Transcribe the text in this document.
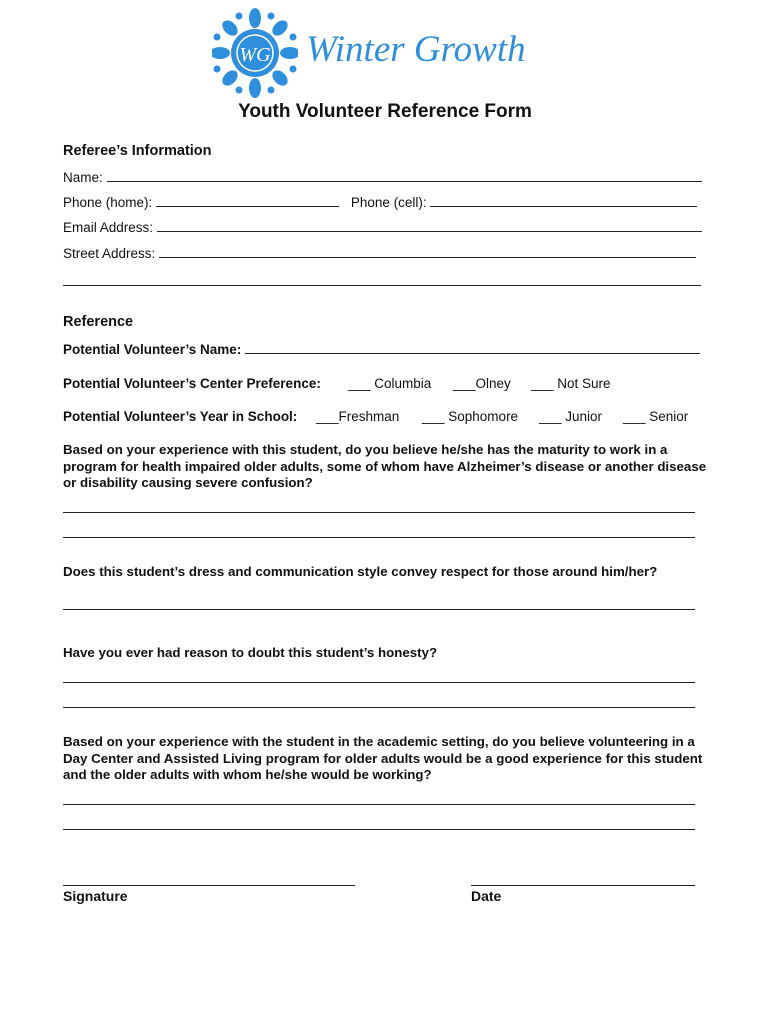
WG Winter Growth
Youth Volunteer Reference Form
Referee’s Information
Name:
Phone (home):	Phone (cell):
Email Address:
Street Address:
Reference
Potential Volunteer’s Name:
Potential Volunteer’s Center Preference: ___ Columbia ___Olney ___ Not Sure
Potential Volunteer’s Year in School: ___Freshman ___ Sophomore ___ Junior ___ Senior
Based on your experience with this student, do you believe he/she has the maturity to work in a program for health impaired older adults, some of whom have Alzheimer’s disease or another disease or disability causing severe confusion?
Does this student’s dress and communication style convey respect for those around him/her?
Have you ever had reason to doubt this student’s honesty?
Based on your experience with the student in the academic setting, do you believe volunteering in a Day Center and Assisted Living program for older adults would be a good experience for this student and the older adults with whom he/she would be working?
Signature	Date
